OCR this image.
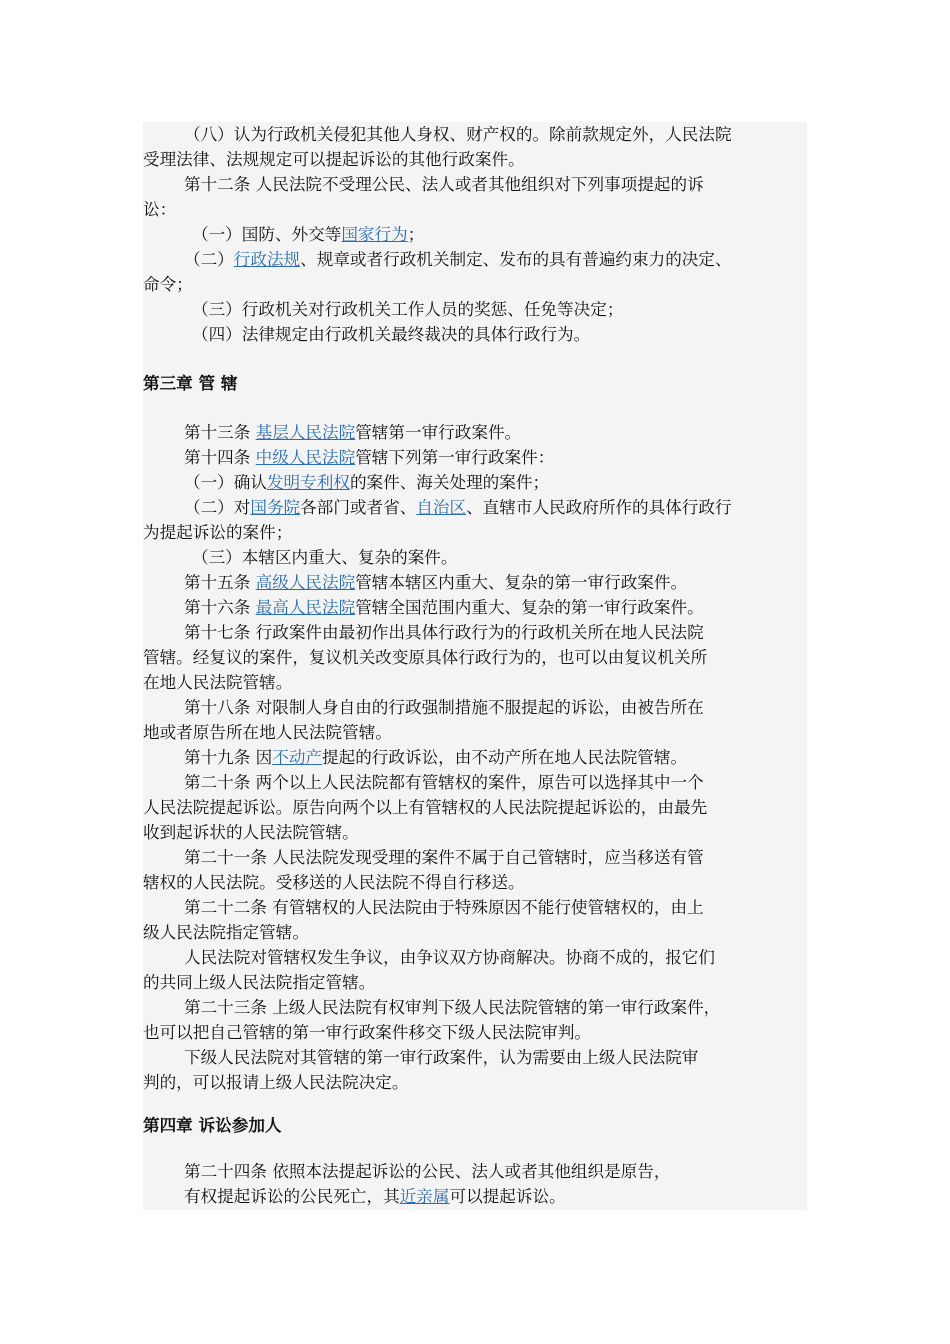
（八）认为行政机关侵犯其他人身权、财产权的。除前款规定外，人民法院
受理法律、法规规定可以提起诉讼的其他行政案件。
第十二条 人民法院不受理公民、法人或者其他组织对下列事项提起的诉
讼：
（一）国防、外交等国家行为；
（二）行政法规、规章或者行政机关制定、发布的具有普遍约束力的决定、
命令；
（三）行政机关对行政机关工作人员的奖惩、任免等决定；
（四）法律规定由行政机关最终裁决的具体行政行为。
第三章 管 辖
第十三条 基层人民法院管辖第一审行政案件。
第十四条 中级人民法院管辖下列第一审行政案件：
（一）确认发明专利权的案件、海关处理的案件；
（二）对国务院各部门或者省、自治区、直辖市人民政府所作的具体行政行
为提起诉讼的案件；
（三）本辖区内重大、复杂的案件。
第十五条 高级人民法院管辖本辖区内重大、复杂的第一审行政案件。
第十六条 最高人民法院管辖全国范围内重大、复杂的第一审行政案件。
第十七条 行政案件由最初作出具体行政行为的行政机关所在地人民法院
管辖。经复议的案件，复议机关改变原具体行政行为的，也可以由复议机关所
在地人民法院管辖。
第十八条 对限制人身自由的行政强制措施不服提起的诉讼，由被告所在
地或者原告所在地人民法院管辖。
第十九条 因不动产提起的行政诉讼，由不动产所在地人民法院管辖。
第二十条 两个以上人民法院都有管辖权的案件，原告可以选择其中一个
人民法院提起诉讼。原告向两个以上有管辖权的人民法院提起诉讼的，由最先
收到起诉状的人民法院管辖。
第二十一条 人民法院发现受理的案件不属于自己管辖时，应当移送有管
辖权的人民法院。受移送的人民法院不得自行移送。
第二十二条 有管辖权的人民法院由于特殊原因不能行使管辖权的，由上
级人民法院指定管辖。
人民法院对管辖权发生争议，由争议双方协商解决。协商不成的，报它们
的共同上级人民法院指定管辖。
第二十三条 上级人民法院有权审判下级人民法院管辖的第一审行政案件，
也可以把自己管辖的第一审行政案件移交下级人民法院审判。
下级人民法院对其管辖的第一审行政案件，认为需要由上级人民法院审
判的，可以报请上级人民法院决定。
第四章 诉讼参加人
第二十四条 依照本法提起诉讼的公民、法人或者其他组织是原告，
有权提起诉讼的公民死亡，其近亲属可以提起诉讼。
